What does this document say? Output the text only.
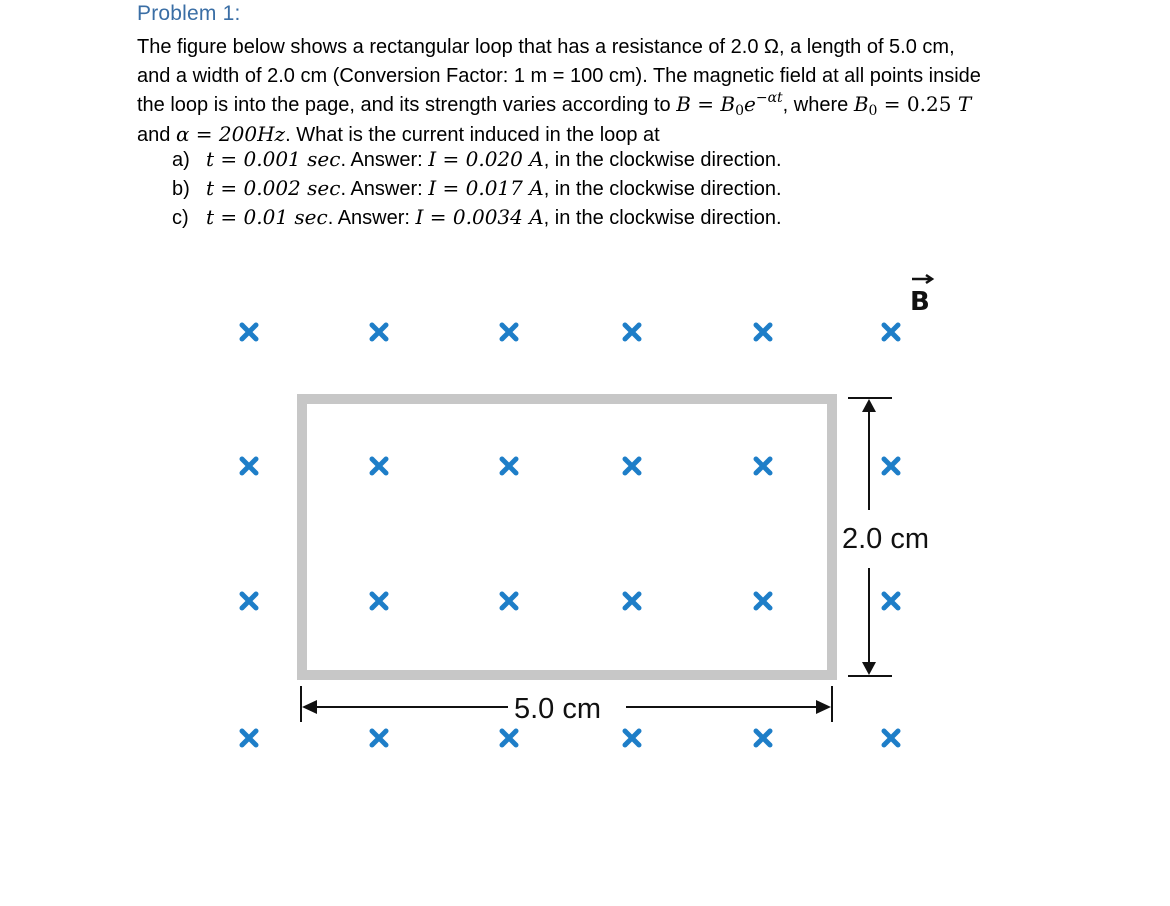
Problem 1:
The figure below shows a rectangular loop that has a resistance of 2.0 Ω, a length of 5.0 cm,
and a width of 2.0 cm (Conversion Factor: 1 m = 100 cm). The magnetic field at all points inside
the loop is into the page, and its strength varies according to $B = B_0e^{-\alpha t}$, where $B_0 = 0.25$ T
and α = 200Hz. What is the current induced in the loop at
a) t = 0.001 sec. Answer: I = 0.020 A, in the clockwise direction.
b) t = 0.002 sec. Answer: I = 0.017 A, in the clockwise direction.
c) t = 0.01 sec. Answer: I = 0.0034 A, in the clockwise direction.
B
2.0 cm
5.0 cm
